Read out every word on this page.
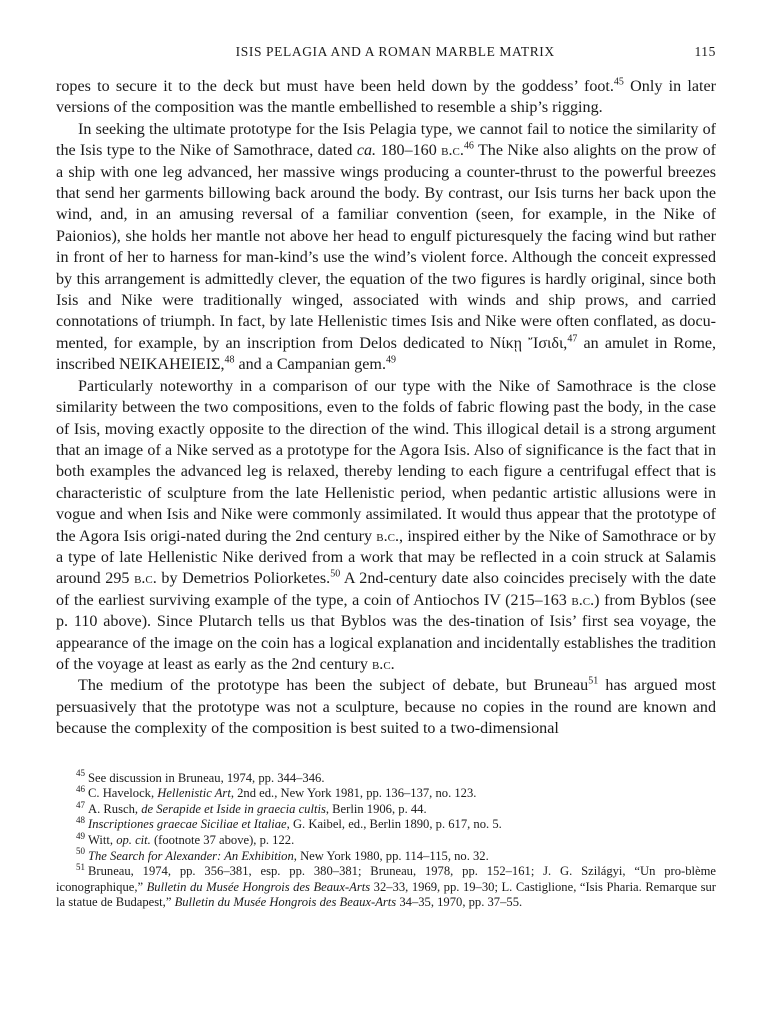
ISIS PELAGIA AND A ROMAN MARBLE MATRIX	115

ropes to secure it to the deck but must have been held down by the goddess’ foot.$^{45}$ Only in later versions of the composition was the mantle embellished to resemble a ship’s rigging.

In seeking the ultimate prototype for the Isis Pelagia type, we cannot fail to notice the similarity of the Isis type to the Nike of Samothrace, dated ca. 180–160 b.c.$^{46}$ The Nike also alights on the prow of a ship with one leg advanced, her massive wings producing a counter-thrust to the powerful breezes that send her garments billowing back around the body. By contrast, our Isis turns her back upon the wind, and, in an amusing reversal of a familiar convention (seen, for example, in the Nike of Paionios), she holds her mantle not above her head to engulf picturesquely the facing wind but rather in front of her to harness for man-kind’s use the wind’s violent force. Although the conceit expressed by this arrangement is admittedly clever, the equation of the two figures is hardly original, since both Isis and Nike were traditionally winged, associated with winds and ship prows, and carried connotations of triumph. In fact, by late Hellenistic times Isis and Nike were often conflated, as docu-mented, for example, by an inscription from Delos dedicated to Νίκῃ Ἴσιδι,$^{47}$ an amulet in Rome, inscribed NEIKAHEIEIΣ,$^{48}$ and a Campanian gem.$^{49}$

Particularly noteworthy in a comparison of our type with the Nike of Samothrace is the close similarity between the two compositions, even to the folds of fabric flowing past the body, in the case of Isis, moving exactly opposite to the direction of the wind. This illogical detail is a strong argument that an image of a Nike served as a prototype for the Agora Isis. Also of significance is the fact that in both examples the advanced leg is relaxed, thereby lending to each figure a centrifugal effect that is characteristic of sculpture from the late Hellenistic period, when pedantic artistic allusions were in vogue and when Isis and Nike were commonly assimilated. It would thus appear that the prototype of the Agora Isis origi-nated during the 2nd century b.c., inspired either by the Nike of Samothrace or by a type of late Hellenistic Nike derived from a work that may be reflected in a coin struck at Salamis around 295 b.c. by Demetrios Poliorketes.$^{50}$ A 2nd-century date also coincides precisely with the date of the earliest surviving example of the type, a coin of Antiochos IV (215–163 b.c.) from Byblos (see p. 110 above). Since Plutarch tells us that Byblos was the des-tination of Isis’ first sea voyage, the appearance of the image on the coin has a logical explanation and incidentally establishes the tradition of the voyage at least as early as the 2nd century b.c.

The medium of the prototype has been the subject of debate, but Bruneau$^{51}$ has argued most persuasively that the prototype was not a sculpture, because no copies in the round are known and because the complexity of the composition is best suited to a two-dimensional

$^{45}$ See discussion in Bruneau, 1974, pp. 344–346.

$^{46}$ C. Havelock, Hellenistic Art, 2nd ed., New York 1981, pp. 136–137, no. 123.

$^{47}$ A. Rusch, de Serapide et Iside in graecia cultis, Berlin 1906, p. 44.

$^{48}$ Inscriptiones graecae Siciliae et Italiae, G. Kaibel, ed., Berlin 1890, p. 617, no. 5.

$^{49}$ Witt, op. cit. (footnote 37 above), p. 122.

$^{50}$ The Search for Alexander: An Exhibition, New York 1980, pp. 114–115, no. 32.

$^{51}$ Bruneau, 1974, pp. 356–381, esp. pp. 380–381; Bruneau, 1978, pp. 152–161; J. G. Szilágyi, “Un pro-blème iconographique,” Bulletin du Musée Hongrois des Beaux-Arts 32–33, 1969, pp. 19–30; L. Castiglione, “Isis Pharia. Remarque sur la statue de Budapest,” Bulletin du Musée Hongrois des Beaux-Arts 34–35, 1970, pp. 37–55.
